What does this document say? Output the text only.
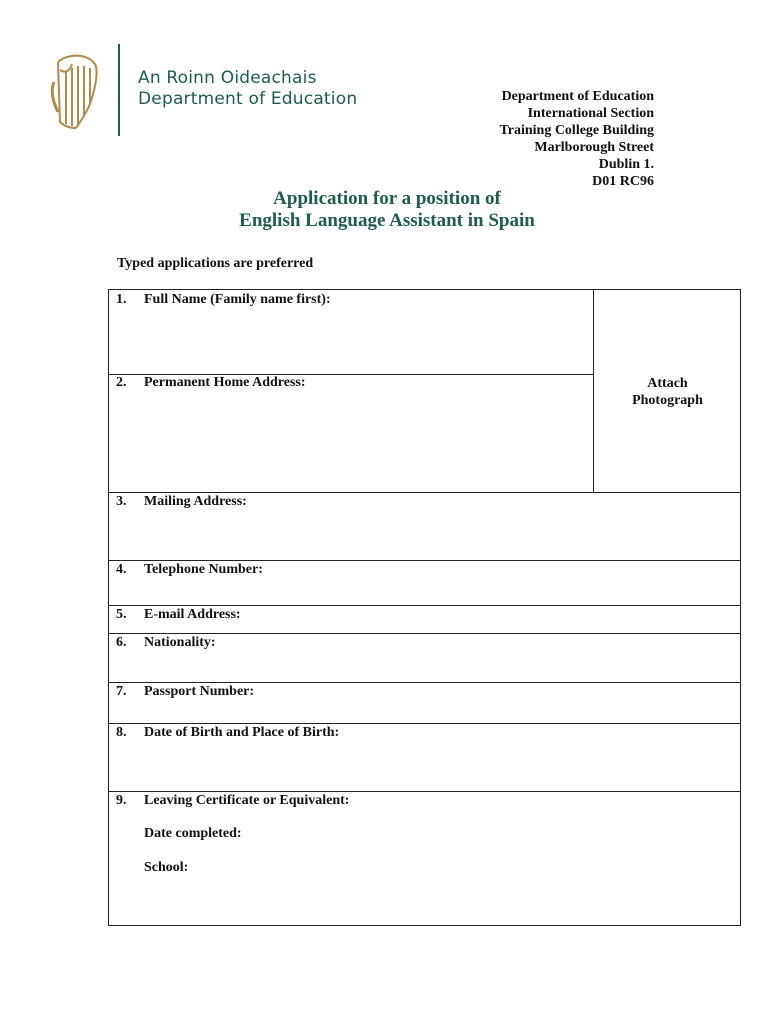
An Roinn Oideachais
Department of Education	Department of Education
International Section
Training College Building
Marlborough Street
Dublin 1.
D01 RC96
Application for a position of
English Language Assistant in Spain
Typed applications are preferred
Attach
Photograph
1. Full Name (Family name first):
2. Permanent Home Address:
3. Mailing Address:
4. Telephone Number:
5. E-mail Address:
6. Nationality:
7. Passport Number:
8. Date of Birth and Place of Birth:
9. Leaving Certificate or Equivalent:
Date completed:
School:
